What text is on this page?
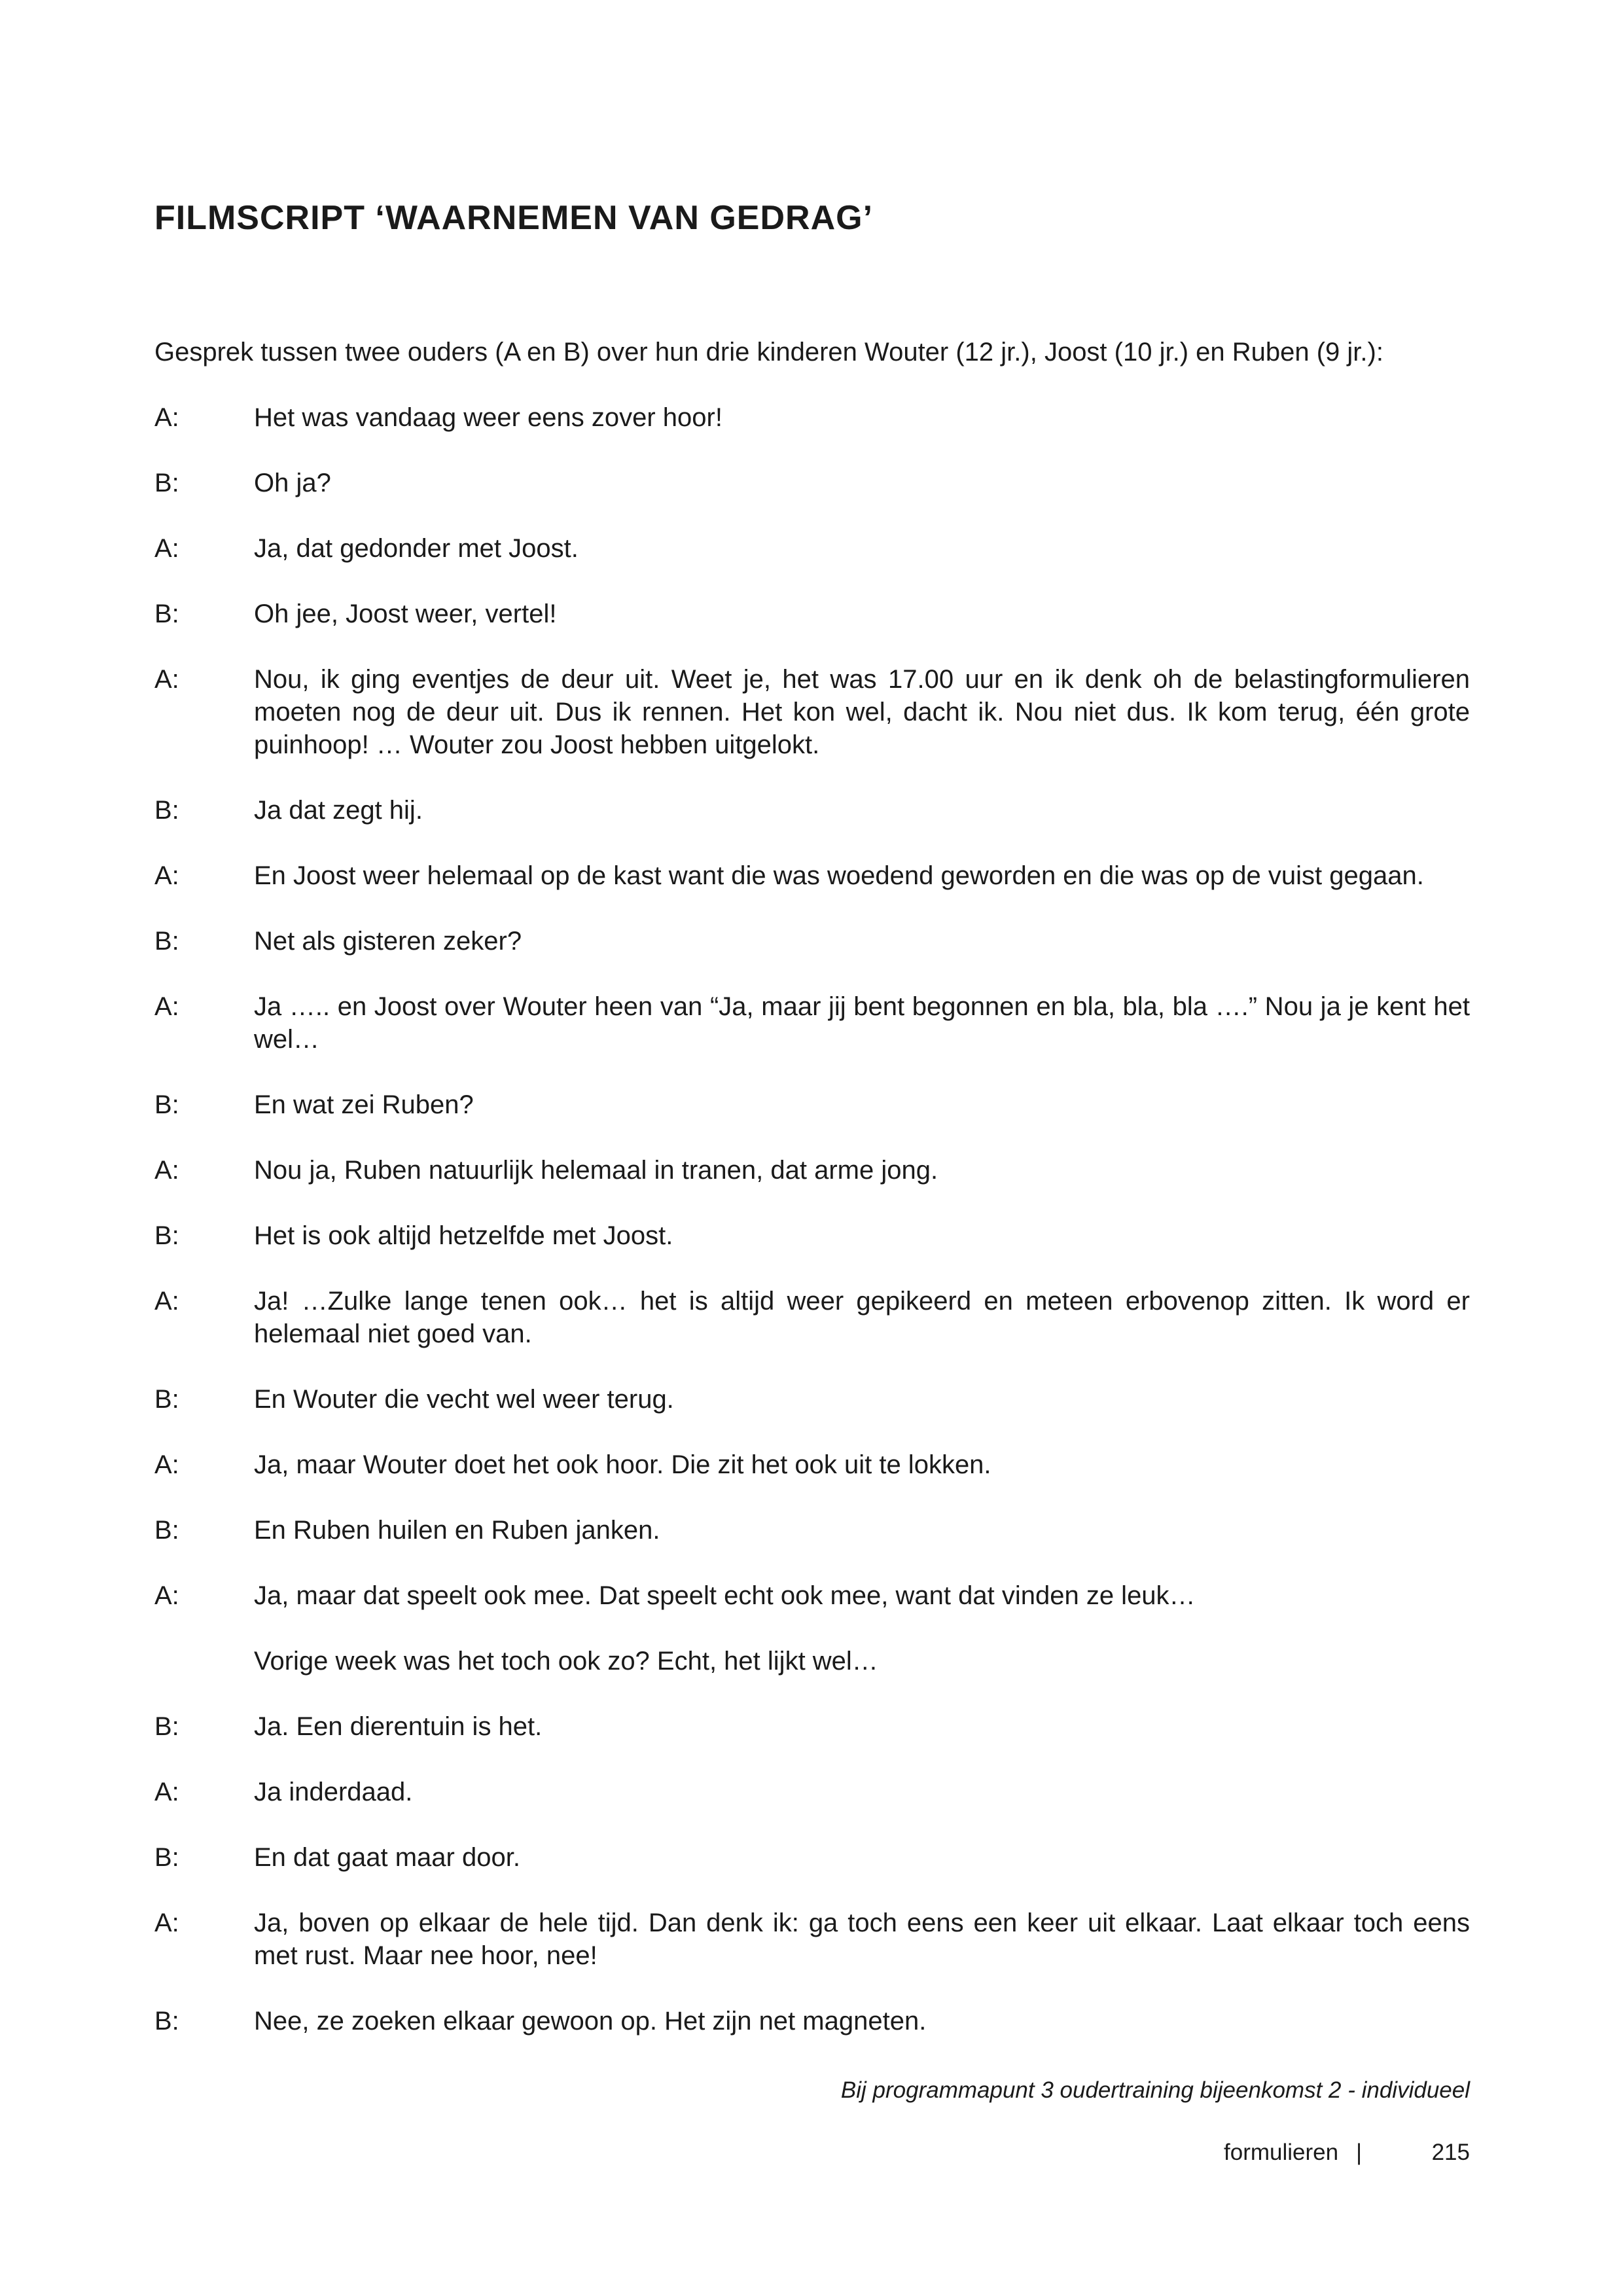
FILMSCRIPT ‘WAARNEMEN VAN GEDRAG’

Gesprek tussen twee ouders (A en B) over hun drie kinderen Wouter (12 jr.), Joost (10 jr.) en Ruben (9 jr.):

A:	Het was vandaag weer eens zover hoor!
B:	Oh ja?
A:	Ja, dat gedonder met Joost.
B:	Oh jee, Joost weer, vertel!
A:	Nou, ik ging eventjes de deur uit. Weet je, het was 17.00 uur en ik denk oh de belastingformulieren moeten nog de deur uit. Dus ik rennen. Het kon wel, dacht ik. Nou niet dus. Ik kom terug, één grote puinhoop! … Wouter zou Joost hebben uitgelokt.
B:	Ja dat zegt hij.
A:	En Joost weer helemaal op de kast want die was woedend geworden en die was op de vuist gegaan.
B:	Net als gisteren zeker?
A:	Ja ….. en Joost over Wouter heen van “Ja, maar jij bent begonnen en bla, bla, bla ….” Nou ja je kent het wel…
B:	En wat zei Ruben?
A:	Nou ja, Ruben natuurlijk helemaal in tranen, dat arme jong.
B:	Het is ook altijd hetzelfde met Joost.
A:	Ja! …Zulke lange tenen ook… het is altijd weer gepikeerd en meteen erbovenop zitten. Ik word er helemaal niet goed van.
B:	En Wouter die vecht wel weer terug.
A:	Ja, maar Wouter doet het ook hoor. Die zit het ook uit te lokken.
B:	En Ruben huilen en Ruben janken.
A:	Ja, maar dat speelt ook mee. Dat speelt echt ook mee, want dat vinden ze leuk…
Vorige week was het toch ook zo? Echt, het lijkt wel…
B:	Ja. Een dierentuin is het.
A:	Ja inderdaad.
B:	En dat gaat maar door.
A:	Ja, boven op elkaar de hele tijd. Dan denk ik: ga toch eens een keer uit elkaar. Laat elkaar toch eens met rust. Maar nee hoor, nee!
B:	Nee, ze zoeken elkaar gewoon op. Het zijn net magneten.
Bij programmapunt 3 oudertraining bijeenkomst 2 - individueel
formulieren |	215
